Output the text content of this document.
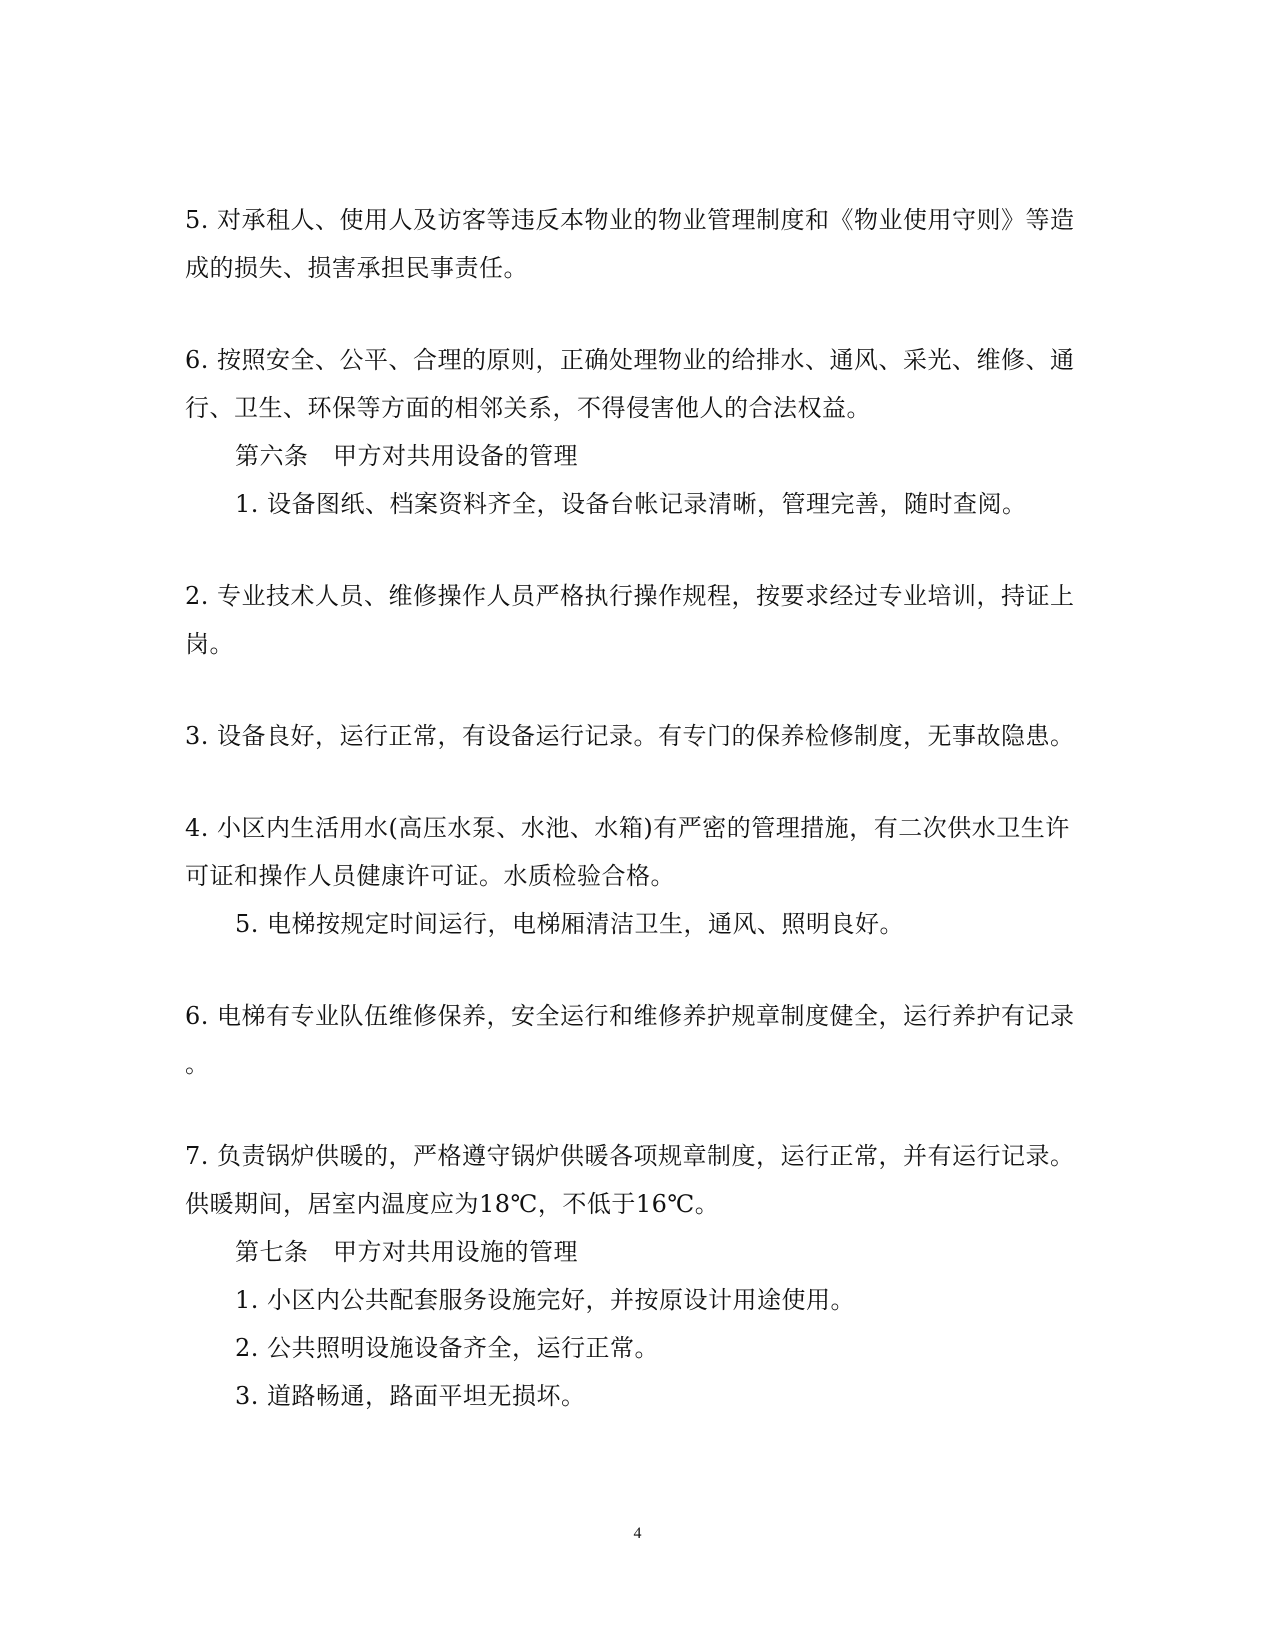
5. 对承租人、使用人及访客等违反本物业的物业管理制度和《物业使用守则》等造
成的损失、损害承担民事责任。
6. 按照安全、公平、合理的原则，正确处理物业的给排水、通风、采光、维修、通
行、卫生、环保等方面的相邻关系，不得侵害他人的合法权益。
第六条　甲方对共用设备的管理
1. 设备图纸、档案资料齐全，设备台帐记录清晰，管理完善，随时查阅。
2. 专业技术人员、维修操作人员严格执行操作规程，按要求经过专业培训，持证上
岗。
3. 设备良好，运行正常，有设备运行记录。有专门的保养检修制度，无事故隐患。
4. 小区内生活用水(高压水泵、水池、水箱)有严密的管理措施，有二次供水卫生许
可证和操作人员健康许可证。水质检验合格。
5. 电梯按规定时间运行，电梯厢清洁卫生，通风、照明良好。
6. 电梯有专业队伍维修保养，安全运行和维修养护规章制度健全，运行养护有记录
。
7. 负责锅炉供暖的，严格遵守锅炉供暖各项规章制度，运行正常，并有运行记录。
供暖期间，居室内温度应为18℃，不低于16℃。
第七条　甲方对共用设施的管理
1. 小区内公共配套服务设施完好，并按原设计用途使用。
2. 公共照明设施设备齐全，运行正常。
3. 道路畅通，路面平坦无损坏。
4
